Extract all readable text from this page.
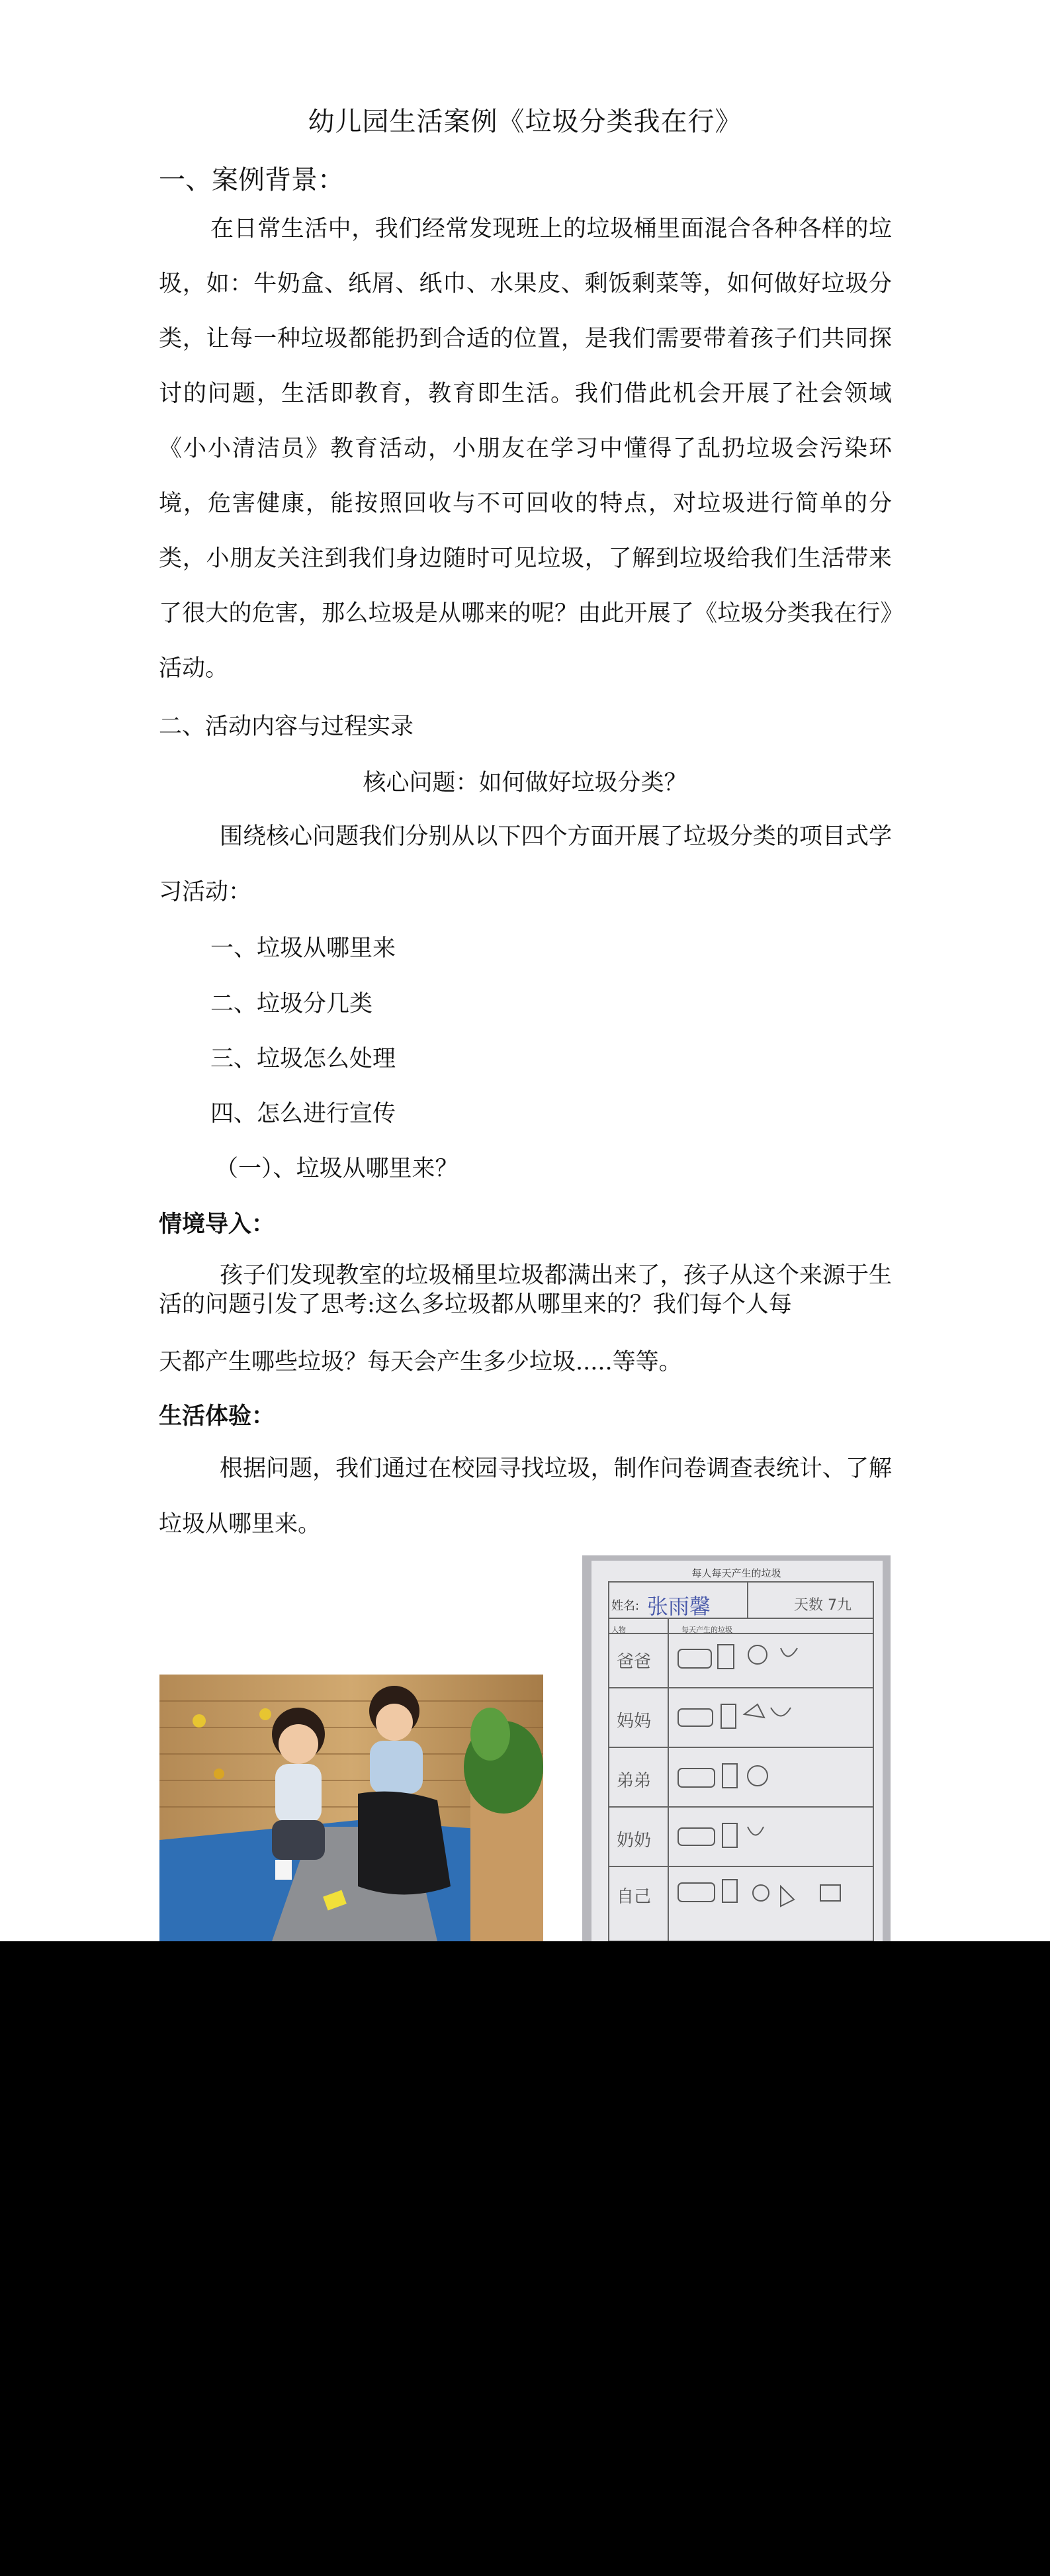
幼儿园生活案例《垃圾分类我在行》
一、案例背景：
在日常生活中，我们经常发现班上的垃圾桶里面混合各种各样的垃圾，如：牛奶盒、纸屑、纸巾、水果皮、剩饭剩菜等，如何做好垃圾分类，让每一种垃圾都能扔到合适的位置，是我们需要带着孩子们共同探讨的问题，生活即教育，教育即生活。我们借此机会开展了社会领域《小小清洁员》教育活动，小朋友在学习中懂得了乱扔垃圾会污染环境，危害健康，能按照回收与不可回收的特点，对垃圾进行简单的分类，小朋友关注到我们身边随时可见垃圾，了解到垃圾给我们生活带来了很大的危害，那么垃圾是从哪来的呢？由此开展了《垃圾分类我在行》活动。
二、活动内容与过程实录
核心问题：如何做好垃圾分类？
围绕核心问题我们分别从以下四个方面开展了垃圾分类的项目式学习活动：
一、垃圾从哪里来
二、垃圾分几类
三、垃圾怎么处理
四、怎么进行宣传
（一）、垃圾从哪里来？
情境导入：
孩子们发现教室的垃圾桶里垃圾都满出来了，孩子从这个来源于生活的问题引发了思考:这么多垃圾都从哪里来的？我们每个人每
天都产生哪些垃圾？每天会产生多少垃圾.....等等。
生活体验：
根据问题，我们通过在校园寻找垃圾，制作问卷调查表统计、了解垃圾从哪里来。
每人每天产生的垃圾
姓名: 张雨馨	天数 7九
人物	每天产生的垃圾
爸爸
妈妈
弟弟
奶奶
自己
